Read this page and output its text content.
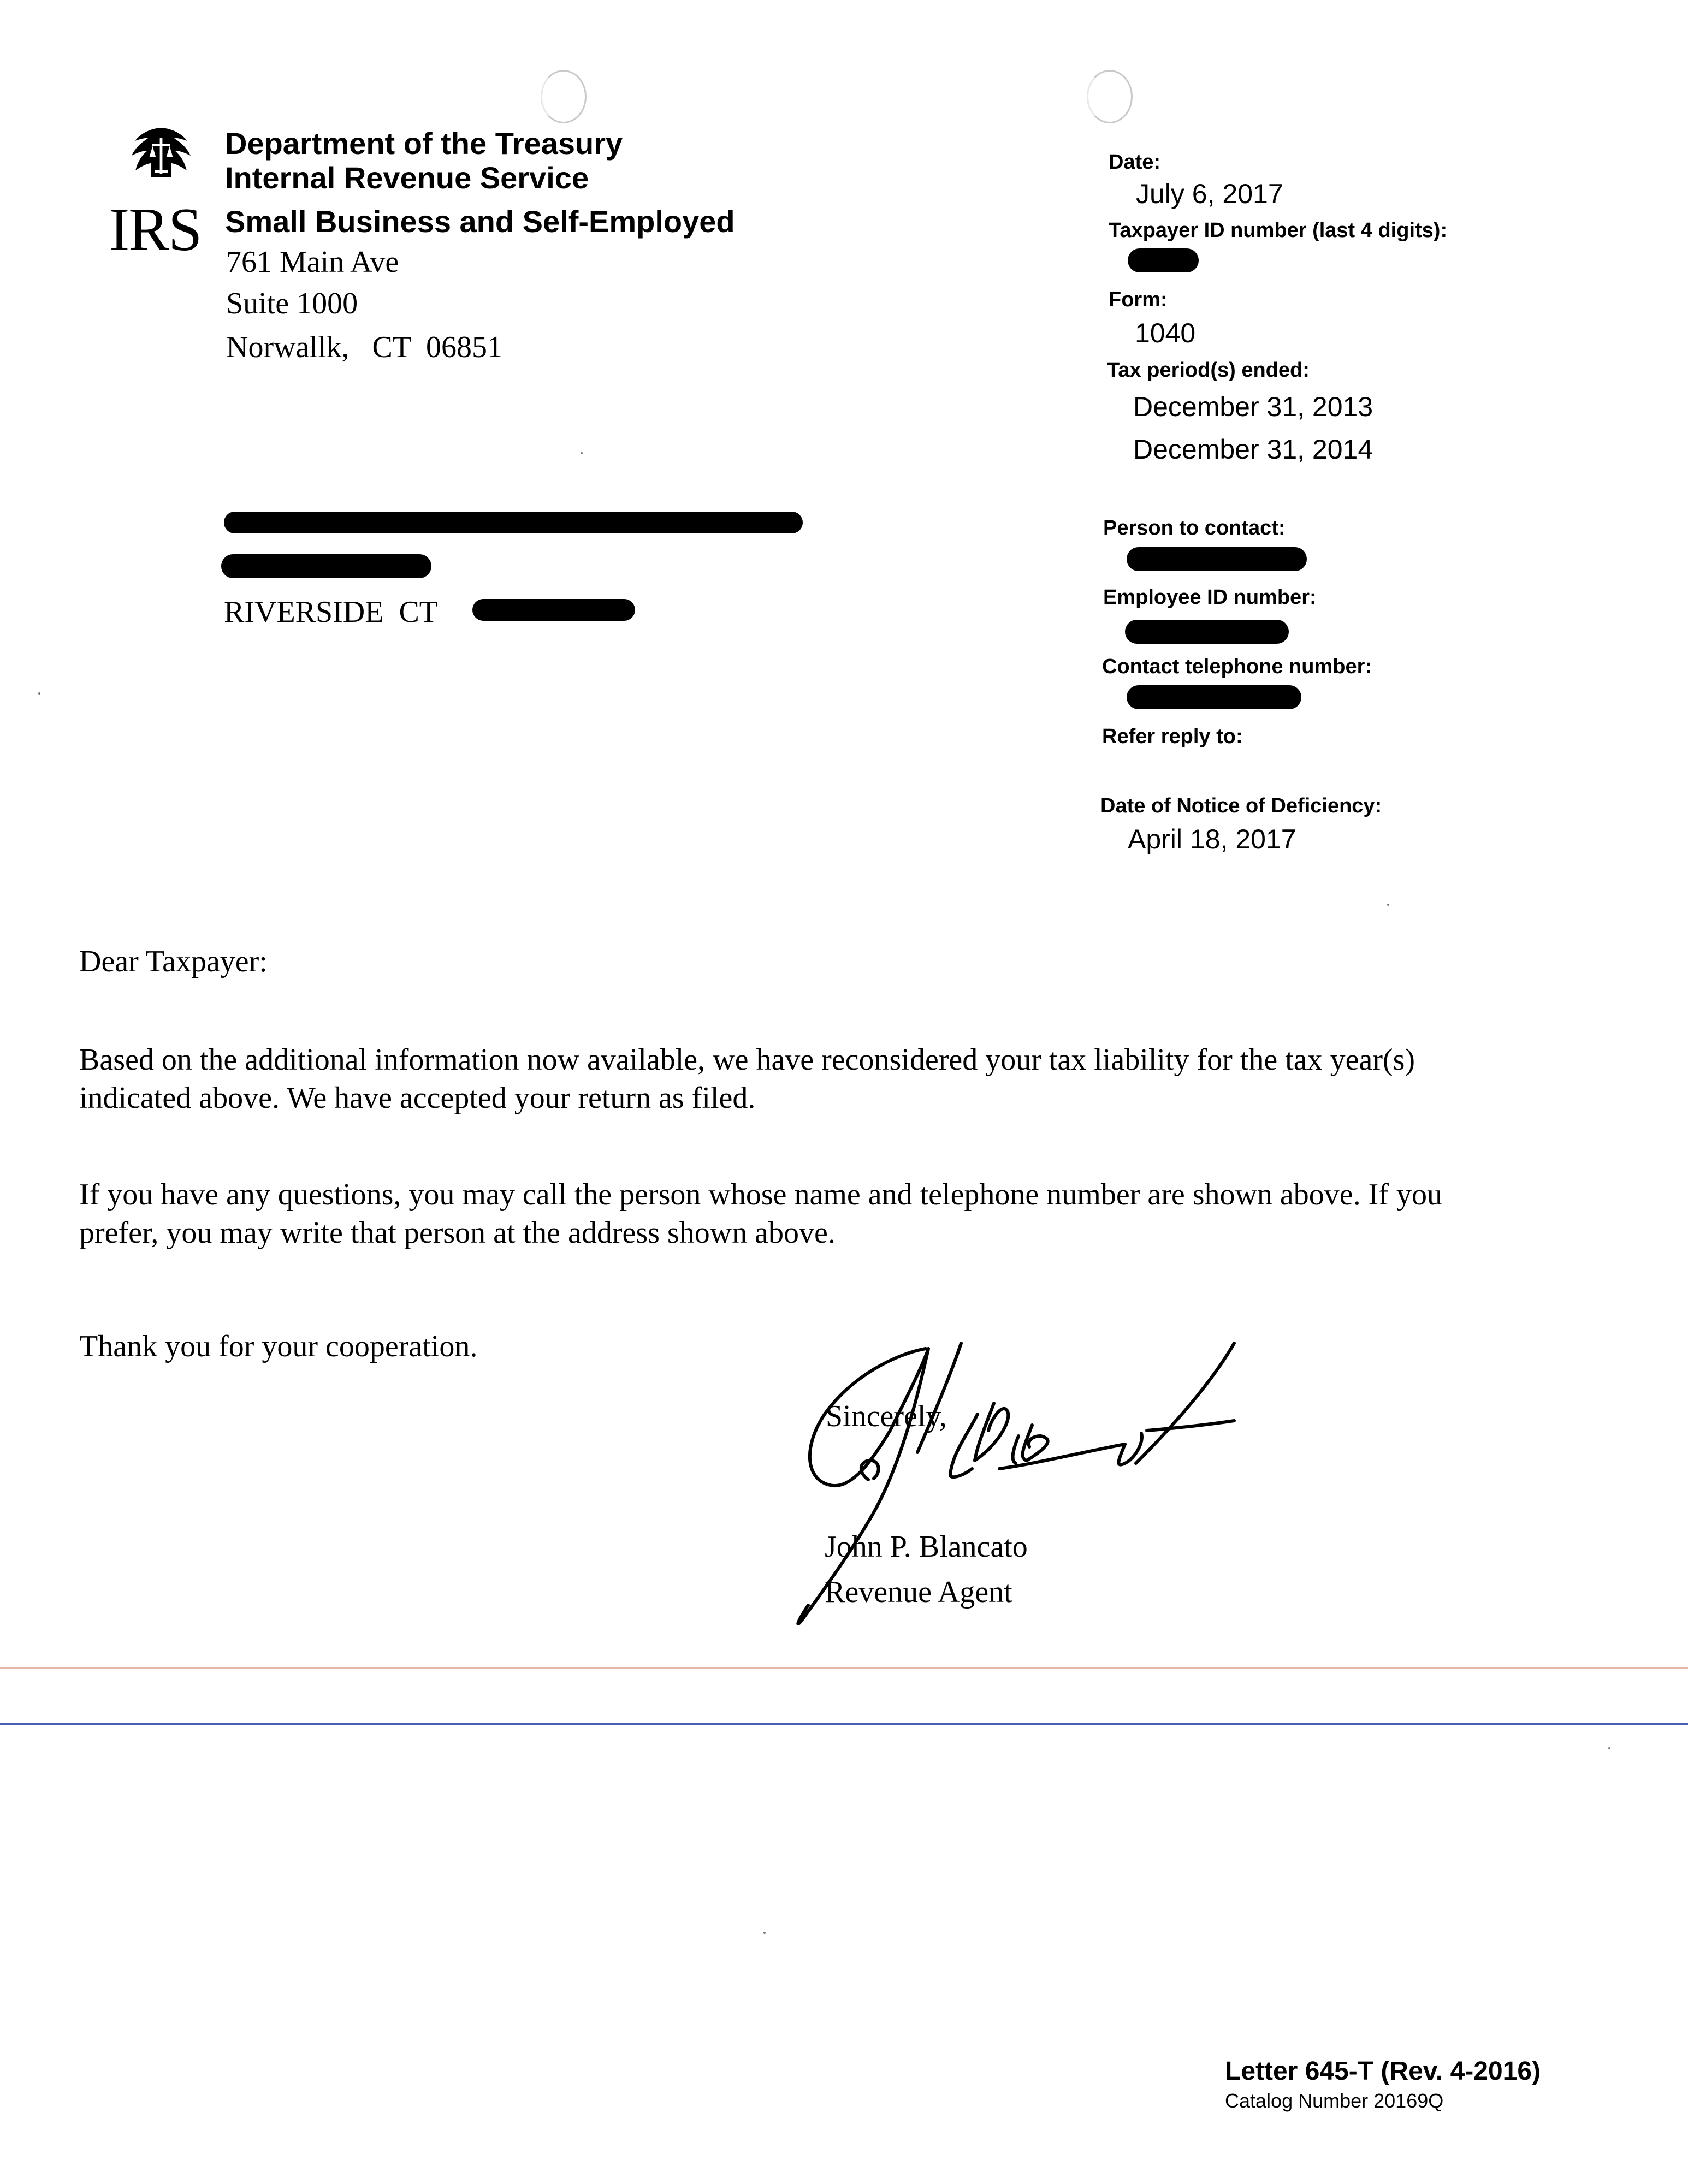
IRS
Department of the Treasury
Internal Revenue Service
Small Business and Self-Employed
761 Main Ave
Suite 1000
Norwallk,   CT  06851
RIVERSIDE  CT
Date:
July 6, 2017
Taxpayer ID number (last 4 digits):
Form:
1040
Tax period(s) ended:
December 31, 2013
December 31, 2014
Person to contact:
Employee ID number:
Contact telephone number:
Refer reply to:
Date of Notice of Deficiency:
April 18, 2017
Dear Taxpayer:
Based on the additional information now available, we have reconsidered your tax liability for the tax year(s)
indicated above. We have accepted your return as filed.
If you have any questions, you may call the person whose name and telephone number are shown above. If you
prefer, you may write that person at the address shown above.
Thank you for your cooperation.
Sincerely,
John P. Blancato
Revenue Agent
Letter 645-T (Rev. 4-2016)
Catalog Number 20169Q
